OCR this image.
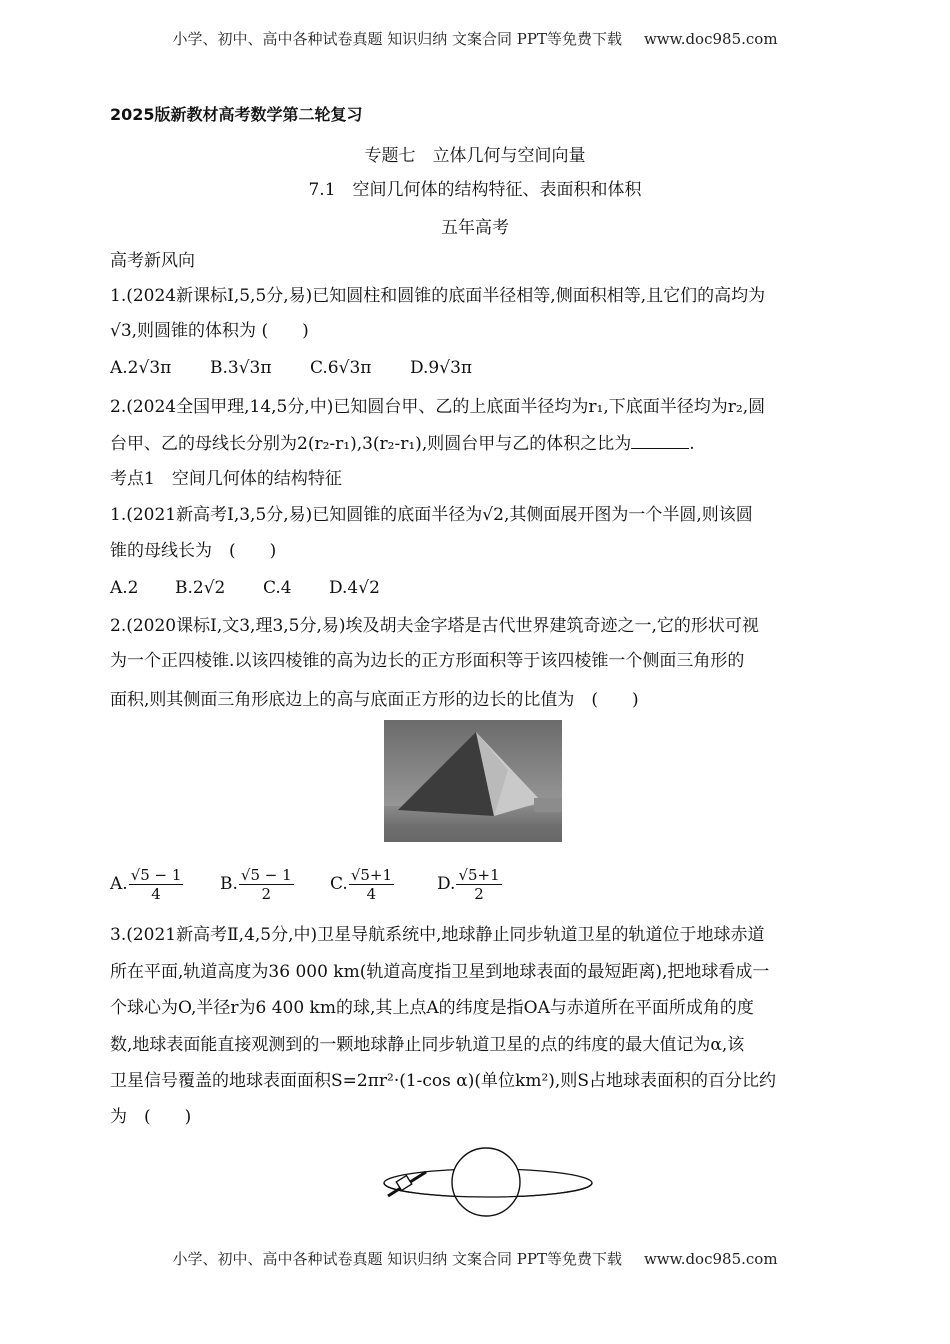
小学、初中、高中各种试卷真题 知识归纳 文案合同 PPT等免费下载 www.doc985.com
2025版新教材高考数学第二轮复习
专题七　立体几何与空间向量
7.1　空间几何体的结构特征、表面积和体积
五年高考
高考新风向
1.(2024新课标Ⅰ,5,5分,易)已知圆柱和圆锥的底面半径相等,侧面积相等,且它们的高均为
√3,则圆锥的体积为 (　　)
A.2√3π B.3√3π C.6√3π D.9√3π
2.(2024全国甲理,14,5分,中)已知圆台甲、乙的上底面半径均为r₁,下底面半径均为r₂,圆
台甲、乙的母线长分别为2(r₂-r₁),3(r₂-r₁),则圆台甲与乙的体积之比为	.
考点1　空间几何体的结构特征
1.(2021新高考Ⅰ,3,5分,易)已知圆锥的底面半径为√2,其侧面展开图为一个半圆,则该圆
锥的母线长为　(　　)
A.2 B.2√2 C.4 D.4√2
2.(2020课标Ⅰ,文3,理3,5分,易)埃及胡夫金字塔是古代世界建筑奇迹之一,它的形状可视
为一个正四棱锥.以该四棱锥的高为边长的正方形面积等于该四棱锥一个侧面三角形的
面积,则其侧面三角形底边上的高与底面正方形的边长的比值为　(　　)
A. $\frac{√5 - 1}{4} B$. $\frac{√5 - 1}{2} C$. $\frac{√5+1}{4}$	D. $\frac{√5+1}{2}$
3.(2021新高考Ⅱ,4,5分,中)卫星导航系统中,地球静止同步轨道卫星的轨道位于地球赤道
所在平面,轨道高度为36 000 km(轨道高度指卫星到地球表面的最短距离),把地球看成一
个球心为O,半径r为6 400 km的球,其上点A的纬度是指OA与赤道所在平面所成角的度
数,地球表面能直接观测到的一颗地球静止同步轨道卫星的点的纬度的最大值记为α,该
卫星信号覆盖的地球表面面积S=2πr²·(1-cos α)(单位km²),则S占地球表面积的百分比约
为　(　　)
小学、初中、高中各种试卷真题 知识归纳 文案合同 PPT等免费下载 www.doc985.com
